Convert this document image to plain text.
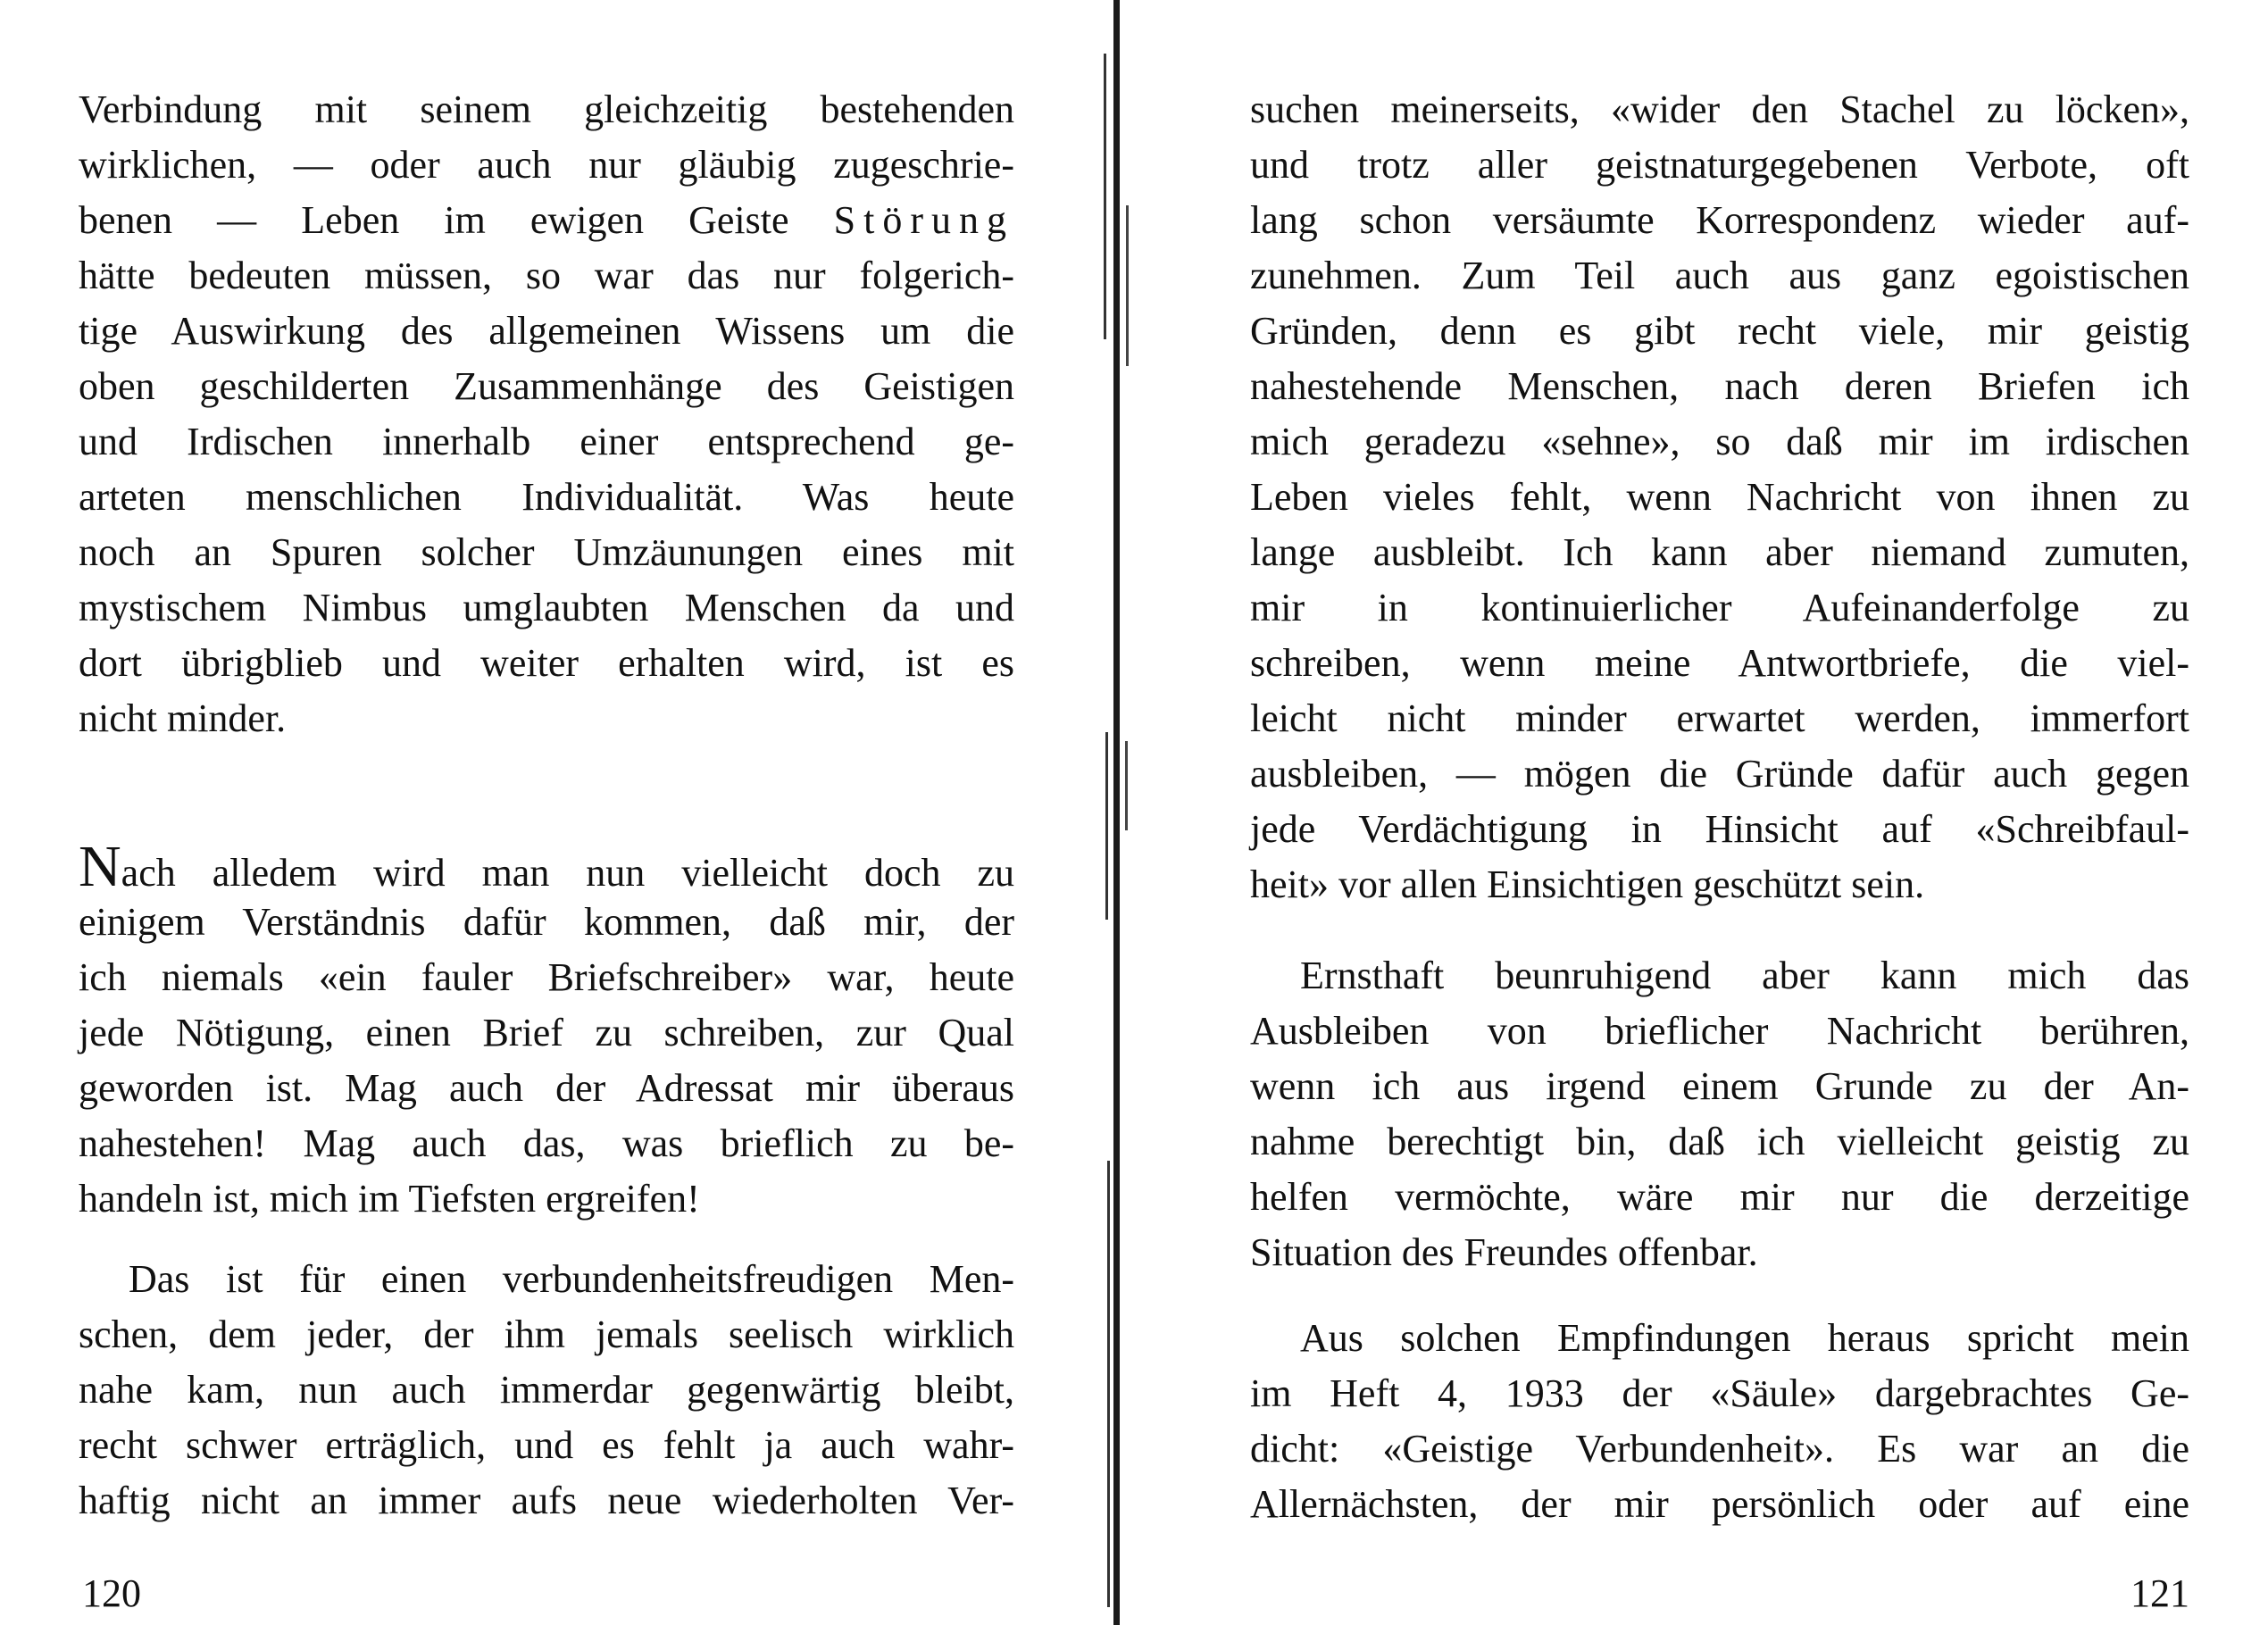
Verbindung mit seinem gleichzeitig bestehenden
wirklichen, — oder auch nur gläubig zugeschrie-
benen — Leben im ewigen Geiste Störung
hätte bedeuten müssen, so war das nur folgerich-
tige Auswirkung des allgemeinen Wissens um die
oben geschilderten Zusammenhänge des Geistigen
und Irdischen innerhalb einer entsprechend ge-
arteten menschlichen Individualität. Was heute
noch an Spuren solcher Umzäunungen eines mit
mystischem Nimbus umglaubten Menschen da und
dort übrigblieb und weiter erhalten wird, ist es
nicht minder.
Nach alledem wird man nun vielleicht doch zu
einigem Verständnis dafür kommen, daß mir, der
ich niemals «ein fauler Briefschreiber» war, heute
jede Nötigung, einen Brief zu schreiben, zur Qual
geworden ist. Mag auch der Adressat mir überaus
nahestehen! Mag auch das, was brieflich zu be-
handeln ist, mich im Tiefsten ergreifen!
Das ist für einen verbundenheitsfreudigen Men-
schen, dem jeder, der ihm jemals seelisch wirklich
nahe kam, nun auch immerdar gegenwärtig bleibt,
recht schwer erträglich, und es fehlt ja auch wahr-
haftig nicht an immer aufs neue wiederholten Ver-
120
suchen meinerseits, «wider den Stachel zu löcken»,
und trotz aller geistnaturgegebenen Verbote, oft
lang schon versäumte Korrespondenz wieder auf-
zunehmen. Zum Teil auch aus ganz egoistischen
Gründen, denn es gibt recht viele, mir geistig
nahestehende Menschen, nach deren Briefen ich
mich geradezu «sehne», so daß mir im irdischen
Leben vieles fehlt, wenn Nachricht von ihnen zu
lange ausbleibt. Ich kann aber niemand zumuten,
mir in kontinuierlicher Aufeinanderfolge zu
schreiben, wenn meine Antwortbriefe, die viel-
leicht nicht minder erwartet werden, immerfort
ausbleiben, — mögen die Gründe dafür auch gegen
jede Verdächtigung in Hinsicht auf «Schreibfaul-
heit» vor allen Einsichtigen geschützt sein.
Ernsthaft beunruhigend aber kann mich das
Ausbleiben von brieflicher Nachricht berühren,
wenn ich aus irgend einem Grunde zu der An-
nahme berechtigt bin, daß ich vielleicht geistig zu
helfen vermöchte, wäre mir nur die derzeitige
Situation des Freundes offenbar.
Aus solchen Empfindungen heraus spricht mein
im Heft 4, 1933 der «Säule» dargebrachtes Ge-
dicht: «Geistige Verbundenheit». Es war an die
Allernächsten, der mir persönlich oder auf eine
121
